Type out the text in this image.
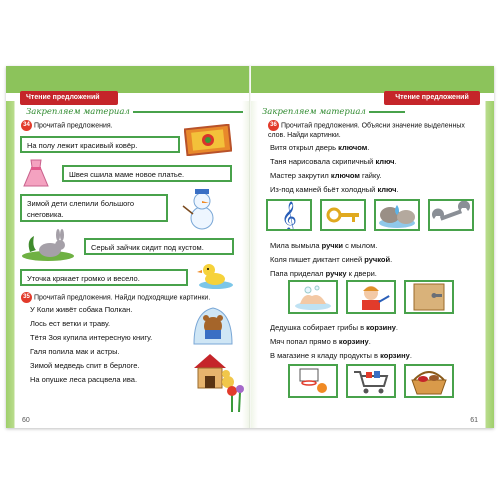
Чтение предложений
Закрепляем материал
34 Прочитай предложения.
На полу лежит красивый ковёр.
Швея сшила маме новое платье.
Зимой дети слепили большого снеговика.
Серый зайчик сидит под кустом.
Уточка крякает громко и весело.
35 Прочитай предложения. Найди подходящие картинки.
У Коли живёт собака Полкан.
Лось ест ветки и траву.
Тётя Зоя купила интересную книгу.
Галя полила мак и астры.
Зимой медведь спит в берлоге.
На опушке леса расцвела ива.
60
Чтение предложений
Закрепляем материал
36 Прочитай предложения. Объясни значение выделенных слов. Найди картинки.
Витя открыл дверь ключом.
Таня нарисовала скрипичный ключ.
Мастер закрутил ключом гайку.
Из-под камней бьёт холодный ключ.
𝄞
Мила вымыла ручки с мылом.
Коля пишет диктант синей ручкой.
Папа приделал ручку к двери.
Дедушка собирает грибы в корзину.
Мяч попал прямо в корзину.
В магазине я кладу продукты в корзину.
61
